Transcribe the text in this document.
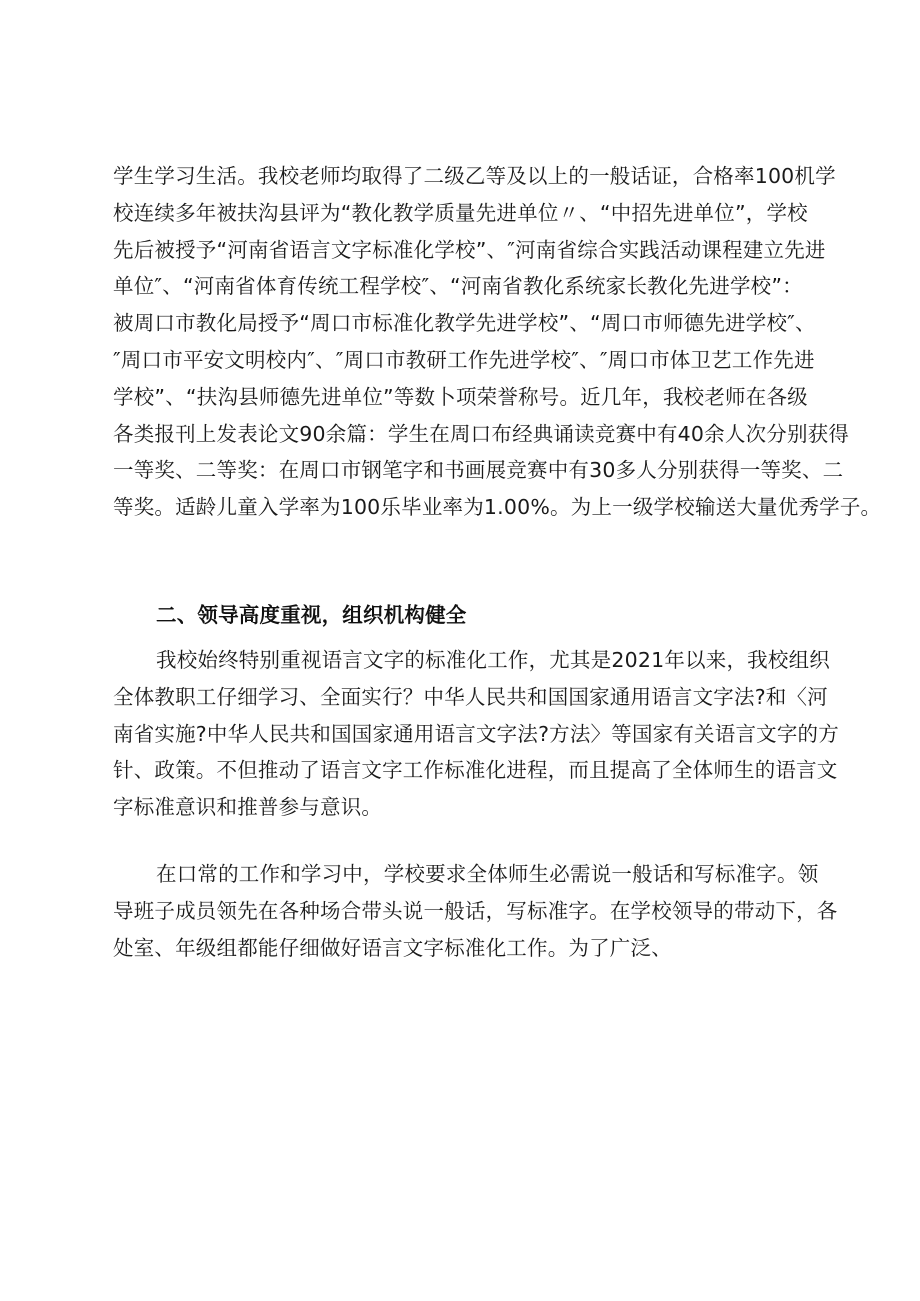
学生学习生活。我校老师均取得了二级乙等及以上的一般话证，合格率100机学
校连续多年被扶沟县评为“教化教学质量先进单位〃、“中招先进单位”，学校
先后被授予“河南省语言文字标准化学校”、″河南省综合实践活动课程建立先进
单位″、“河南省体育传统工程学校″、“河南省教化系统家长教化先进学校”：
被周口市教化局授予“周口市标准化教学先进学校”、“周口市师德先进学校″、
″周口市平安文明校内″、″周口市教研工作先进学校″、″周口市体卫艺工作先进
学校”、“扶沟县师德先进单位”等数卜项荣誉称号。近几年，我校老师在各级
各类报刊上发表论文90余篇：学生在周口布经典诵读竞赛中有40余人次分别获得
一等奖、二等奖：在周口市钢笔字和书画展竞赛中有30多人分别获得一等奖、二
等奖。适龄儿童入学率为100乐毕业率为1.00%。为上一级学校输送大量优秀学子。
二、领导高度重视，组织机构健全
我校始终特别重视语言文字的标准化工作，尤其是2021年以来，我校组织
全体教职工仔细学习、全面实行？中华人民共和国国家通用语言文字法?和〈河
南省实施?中华人民共和国国家通用语言文字法?方法〉等国家有关语言文字的方
针、政策。不但推动了语言文字工作标准化进程，而且提高了全体师生的语言文
字标准意识和推普参与意识。
在口常的工作和学习中，学校要求全体师生必需说一般话和写标准字。领
导班子成员领先在各种场合带头说一般话，写标准字。在学校领导的带动下，各
处室、年级组都能仔细做好语言文字标准化工作。为了广泛、
